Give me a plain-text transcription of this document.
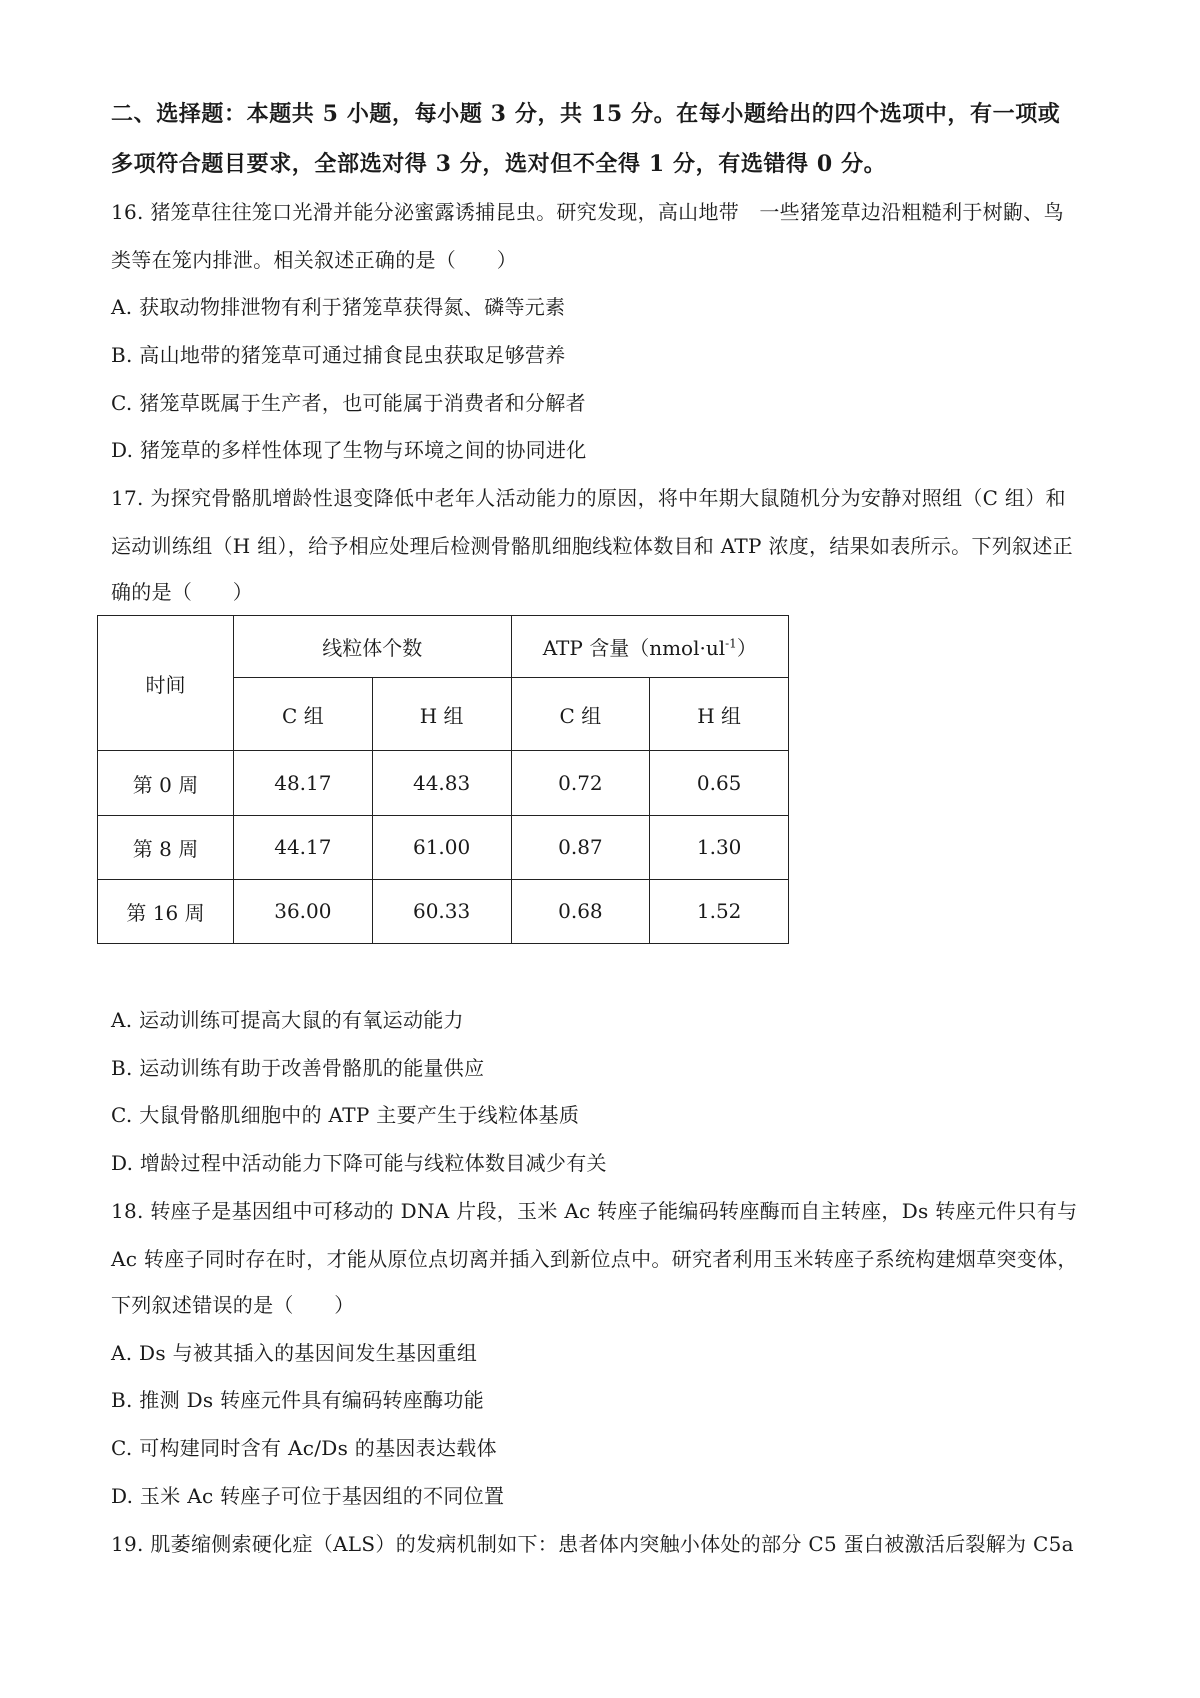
二、选择题：本题共 5 小题，每小题 3 分，共 15 分。在每小题给出的四个选项中，有一项或
多项符合题目要求，全部选对得 3 分，选对但不全得 1 分，有选错得 0 分。
16. 猪笼草往往笼口光滑并能分泌蜜露诱捕昆虫。研究发现，高山地带　一些猪笼草边沿粗糙利于树鼩、鸟
类等在笼内排泄。相关叙述正确的是（　　）
A. 获取动物排泄物有利于猪笼草获得氮、磷等元素
B. 高山地带的猪笼草可通过捕食昆虫获取足够营养
C. 猪笼草既属于生产者，也可能属于消费者和分解者
D. 猪笼草的多样性体现了生物与环境之间的协同进化
17. 为探究骨骼肌增龄性退变降低中老年人活动能力的原因，将中年期大鼠随机分为安静对照组（C 组）和
运动训练组（H 组），给予相应处理后检测骨骼肌细胞线粒体数目和 ATP 浓度，结果如表所示。下列叙述正
确的是（　　）
时间	线粒体个数		ATP 含量$(nmol\cdot ul^{-1})$	
	C 组	H 组	C 组	H 组
第 0 周	48.17	44.83	0.72	0.65
第 8 周	44.17	61.00	0.87	1.30
第 16 周	36.00	60.33	0.68	1.52
A. 运动训练可提高大鼠的有氧运动能力
B. 运动训练有助于改善骨骼肌的能量供应
C. 大鼠骨骼肌细胞中的 ATP 主要产生于线粒体基质
D. 增龄过程中活动能力下降可能与线粒体数目减少有关
18. 转座子是基因组中可移动的 DNA 片段，玉米 Ac 转座子能编码转座酶而自主转座，Ds 转座元件只有与
Ac 转座子同时存在时，才能从原位点切离并插入到新位点中。研究者利用玉米转座子系统构建烟草突变体，
下列叙述错误的是（　　）
A. Ds 与被其插入的基因间发生基因重组
B. 推测 Ds 转座元件具有编码转座酶功能
C. 可构建同时含有 Ac/Ds 的基因表达载体
D. 玉米 Ac 转座子可位于基因组的不同位置
19. 肌萎缩侧索硬化症（ALS）的发病机制如下：患者体内突触小体处的部分 C5 蛋白被激活后裂解为 C5a
